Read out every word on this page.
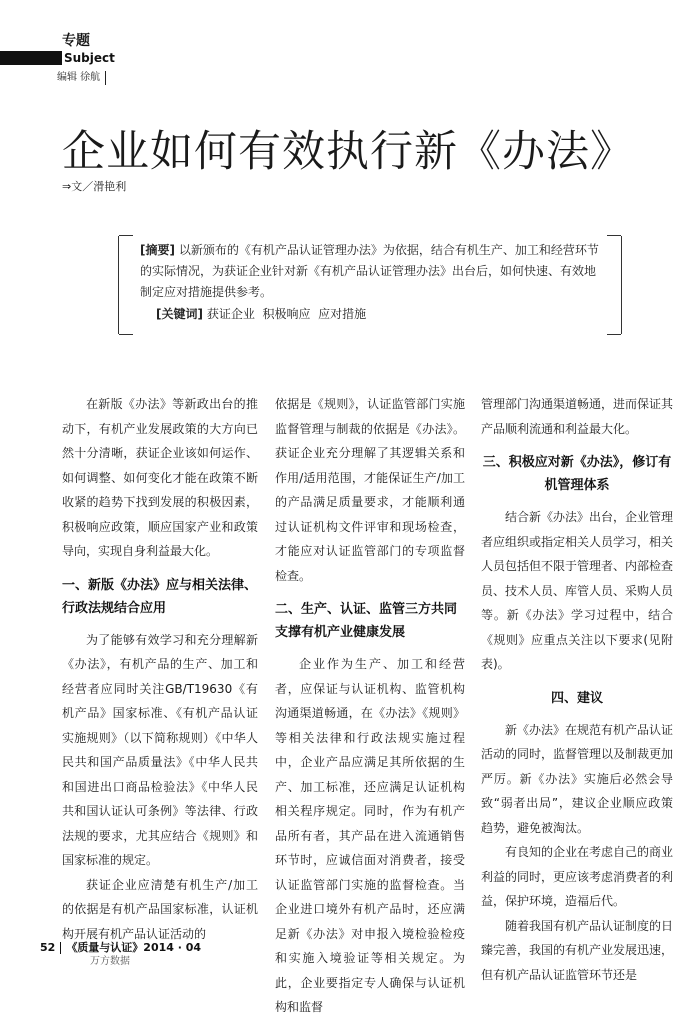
专题
Subject
编辑 徐航
企业如何有效执行新《办法》
⇒文／滑艳利
[摘要] 以新颁布的《有机产品认证管理办法》为依据，结合有机生产、加工和经营环节的实际情况，为获证企业针对新《有机产品认证管理办法》出台后，如何快速、有效地制定应对措施提供参考。
[关键词] 获证企业  积极响应  应对措施

在新版《办法》等新政出台的推动下，有机产业发展政策的大方向已然十分清晰，获证企业该如何运作、如何调整、如何变化才能在政策不断收紧的趋势下找到发展的积极因素，积极响应政策，顺应国家产业和政策导向，实现自身利益最大化。

一、新版《办法》应与相关法律、行政法规结合应用

为了能够有效学习和充分理解新《办法》，有机产品的生产、加工和经营者应同时关注GB/T19630《有机产品》国家标准、《有机产品认证实施规则》（以下简称规则）《中华人民共和国产品质量法》《中华人民共和国进出口商品检验法》《中华人民共和国认证认可条例》等法律、行政法规的要求，尤其应结合《规则》和国家标准的规定。

获证企业应清楚有机生产/加工的依据是有机产品国家标准，认证机构开展有机产品认证活动的

依据是《规则》，认证监管部门实施监督管理与制裁的依据是《办法》。获证企业充分理解了其逻辑关系和作用/适用范围，才能保证生产/加工的产品满足质量要求，才能顺利通过认证机构文件评审和现场检查，才能应对认证监管部门的专项监督检查。

二、生产、认证、监管三方共同支撑有机产业健康发展

企业作为生产、加工和经营者，应保证与认证机构、监管机构沟通渠道畅通，在《办法》《规则》等相关法律和行政法规实施过程中，企业产品应满足其所依据的生产、加工标准，还应满足认证机构相关程序规定。同时，作为有机产品所有者，其产品在进入流通销售环节时，应诚信面对消费者，接受认证监管部门实施的监督检查。当企业进口境外有机产品时，还应满足新《办法》对申报入境检验检疫和实施入境验证等相关规定。为此，企业要指定专人确保与认证机构和监督

管理部门沟通渠道畅通，进而保证其产品顺利流通和利益最大化。

三、积极应对新《办法》，修订有机管理体系

结合新《办法》出台，企业管理者应组织或指定相关人员学习，相关人员包括但不限于管理者、内部检查员、技术人员、库管人员、采购人员等。新《办法》学习过程中，结合《规则》应重点关注以下要求(见附表)。

四、建议

新《办法》在规范有机产品认证活动的同时，监督管理以及制裁更加严厉。新《办法》实施后必然会导致“弱者出局”，建议企业顺应政策趋势，避免被淘汰。

有良知的企业在考虑自己的商业利益的同时，更应该考虑消费者的利益，保护环境，造福后代。

随着我国有机产品认证制度的日臻完善，我国的有机产业发展迅速，但有机产品认证监管环节还是

52 《质量与认证》2014 · 04
万方数据
